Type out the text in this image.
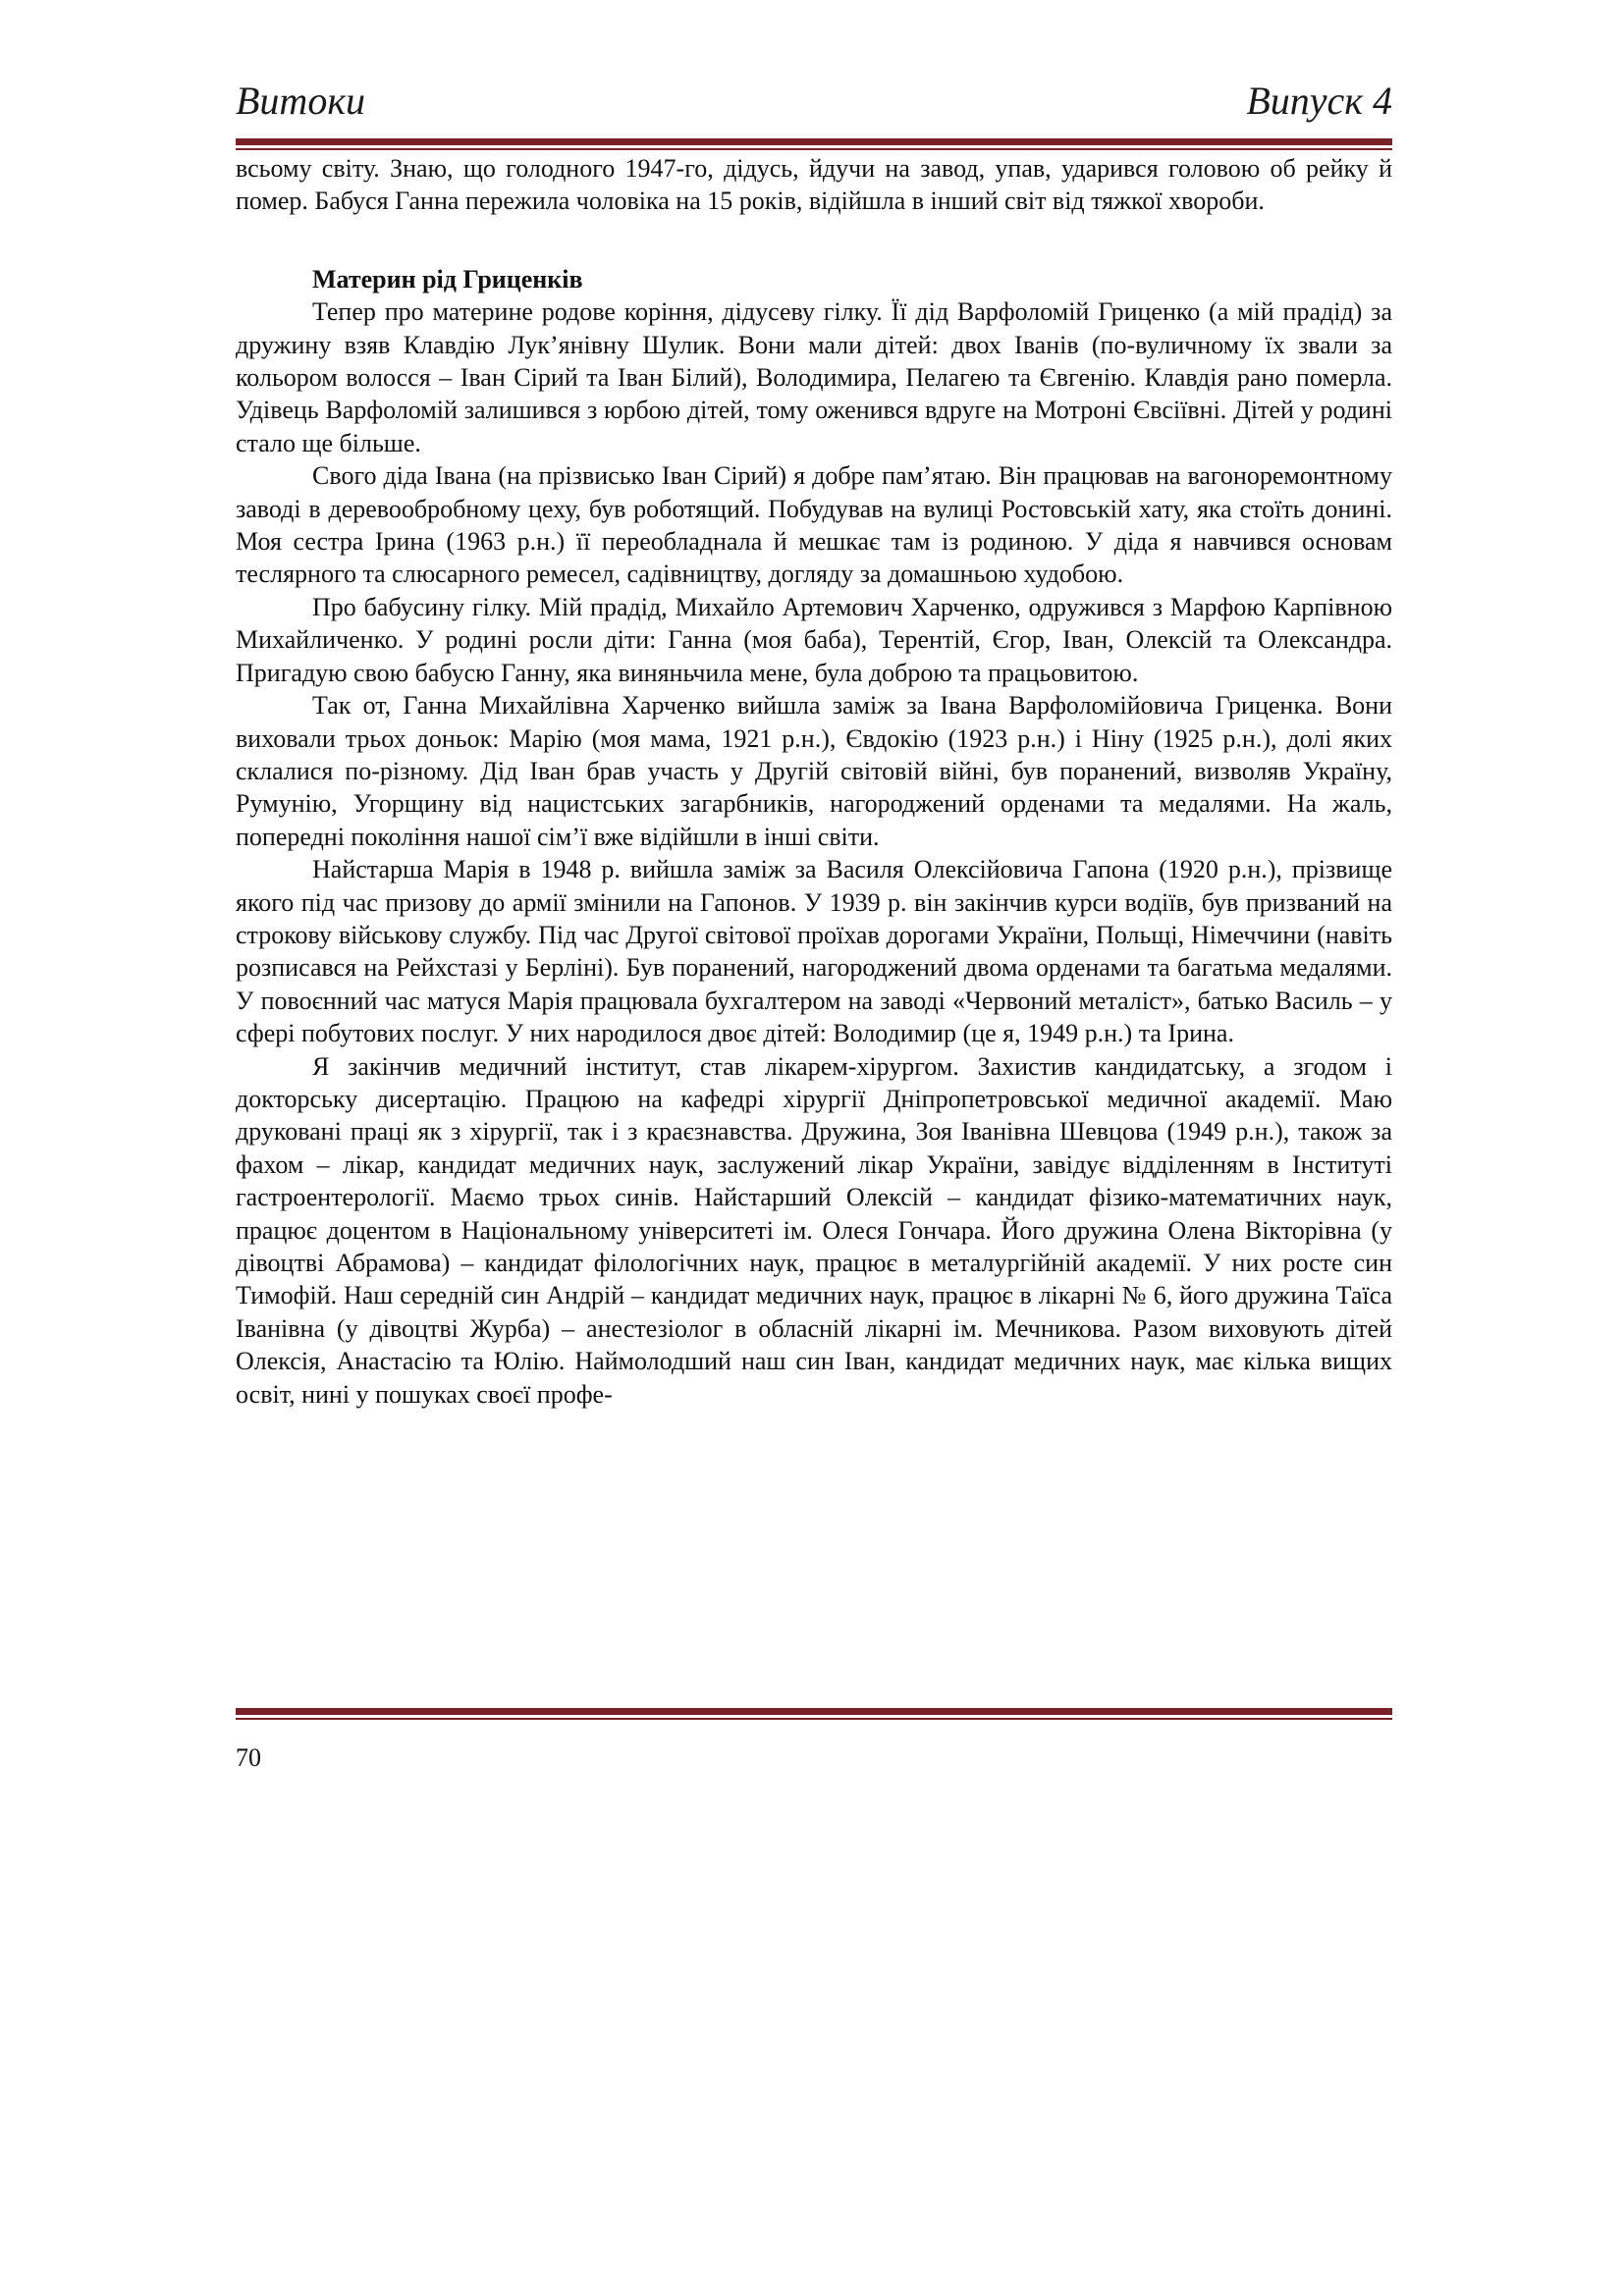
Витоки	Випуск 4

всьому світу. Знаю, що голодного 1947-го, дідусь, йдучи на завод, упав, ударився головою об рейку й помер. Бабуся Ганна пережила чоловіка на 15 років, відійшла в інший світ від тяжкої хвороби.

Материн рід Гриценків

Тепер про материне родове коріння, дідусеву гілку. Її дід Варфоломій Гриценко (а мій прадід) за дружину взяв Клавдію Лук’янівну Шулик. Вони мали дітей: двох Іванів (по-вуличному їх звали за кольором волосся – Іван Сірий та Іван Білий), Володимира, Пелагею та Євгенію. Клавдія рано померла. Удівець Варфоломій залишився з юрбою дітей, тому оженився вдруге на Мотроні Євсіївні. Дітей у родині стало ще більше.

Свого діда Івана (на прізвисько Іван Сірий) я добре пам’ятаю. Він працював на вагоноремонтному заводі в деревообробному цеху, був роботящий. Побудував на вулиці Ростовській хату, яка стоїть донині. Моя сестра Ірина (1963 р.н.) її переобладнала й мешкає там із родиною. У діда я навчився основам теслярного та слюсарного ремесел, садівництву, догляду за домашньою худобою.

Про бабусину гілку. Мій прадід, Михайло Артемович Харченко, одружився з Марфою Карпівною Михайличенко. У родині росли діти: Ганна (моя баба), Терентій, Єгор, Іван, Олексій та Олександра. Пригадую свою бабусю Ганну, яка виняньчила мене, була доброю та працьовитою.

Так от, Ганна Михайлівна Харченко вийшла заміж за Івана Варфоломійовича Гриценка. Вони виховали трьох доньок: Марію (моя мама, 1921 р.н.), Євдокію (1923 р.н.) і Ніну (1925 р.н.), долі яких склалися по-різному. Дід Іван брав участь у Другій світовій війні, був поранений, визволяв Україну, Румунію, Угорщину від нацистських загарбників, нагороджений орденами та медалями. На жаль, попередні покоління нашої сім’ї вже відійшли в інші світи.

Найстарша Марія в 1948 р. вийшла заміж за Василя Олексійовича Гапона (1920 р.н.), прізвище якого під час призову до армії змінили на Гапонов. У 1939 р. він закінчив курси водіїв, був призваний на строкову військову службу. Під час Другої світової проїхав дорогами України, Польщі, Німеччини (навіть розписався на Рейхстазі у Берліні). Був поранений, нагороджений двома орденами та багатьма медалями. У повоєнний час матуся Марія працювала бухгалтером на заводі «Червоний металіст», батько Василь – у сфері побутових послуг. У них народилося двоє дітей: Володимир (це я, 1949 р.н.) та Ірина.

Я закінчив медичний інститут, став лікарем-хірургом. Захистив кандидатську, а згодом і докторську дисертацію. Працюю на кафедрі хірургії Дніпропетровської медичної академії. Маю друковані праці як з хірургії, так і з краєзнавства. Дружина, Зоя Іванівна Шевцова (1949 р.н.), також за фахом – лікар, кандидат медичних наук, заслужений лікар України, завідує відділенням в Інституті гастроентерології. Маємо трьох синів. Найстарший Олексій – кандидат фізико-математичних наук, працює доцентом в Національному університеті ім. Олеся Гончара. Його дружина Олена Вікторівна (у дівоцтві Абрамова) – кандидат філологічних наук, працює в металургійній академії. У них росте син Тимофій. Наш середній син Андрій – кандидат медичних наук, працює в лікарні № 6, його дружина Таїса Іванівна (у дівоцтві Журба) – анестезіолог в обласній лікарні ім. Мечникова. Разом виховують дітей Олексія, Анастасію та Юлію. Наймолодший наш син Іван, кандидат медичних наук, має кілька вищих освіт, нині у пошуках своєї профе-

70
